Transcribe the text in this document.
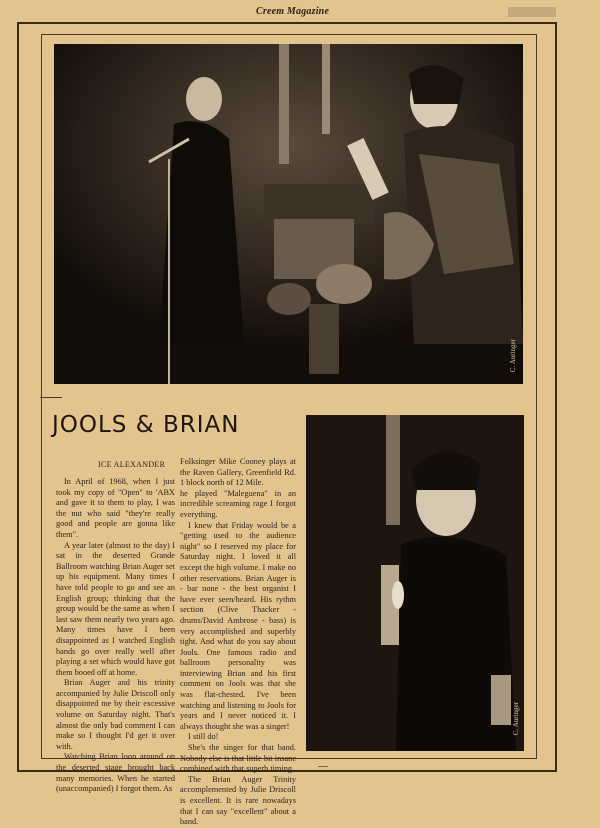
Creem Magazine
C. Auringer
JOOLS & BRIAN
ICE ALEXANDER

In April of 1968, when I just took my copy of "Open" to 'ABX and gave it to them to play, I was the nut who said "they're really good and people are gonna like them".

A year later (almost to the day) I sat in the deserted Grande Ballroom watching Brian Auger set up his equipment. Many times I have told people to go and see an English group; thinking that the group would be the same as when I last saw them nearly two years ago. Many times have I been disappointed as I watched English bands go over really well after playing a set which would have got them booed off at home.

Brian Auger and his trinity accompanied by Julie Driscoll only disappointed me by their excessive volume on Saturday night. That's almost the only bad comment I can make so I thought I'd get it over with.

Watching Brian loon around on the deserted stage brought back many memories. When he started (unaccompanied) I forgot them. As

Folksinger Mike Cooney plays at the Raven Gallery, Greenfield Rd. 1 block north of 12 Mile.

he played "Maleguena" in an incredible screaming rage I forgot everything.

I knew that Friday would be a "getting used to the audience night" so I reserved my place for Saturday night. I loved it all except the high volume. I make no other reservations. Brian Auger is - bar none - the best organist I have ever seen/heard. His rythm section (Clive Thacker - drums/David Ambrose - bass) is very accomplished and superbly tight. And what do you say about Jools. One famous radio and ballroom personality was interviewing Brian and his first comment on Jools was that she was flat-chested. I've been watching and listening to Jools for years and I never noticed it. I always thought she was a singer!

I still do!

She's the singer for that band. Nobody else is that little bit insane combined with that superb timing.

The Brian Auger Trinity accomplemented by Julie Driscoll is excellent. It is rare nowadays that I can say "excellent" about a band.

C. Auringer
